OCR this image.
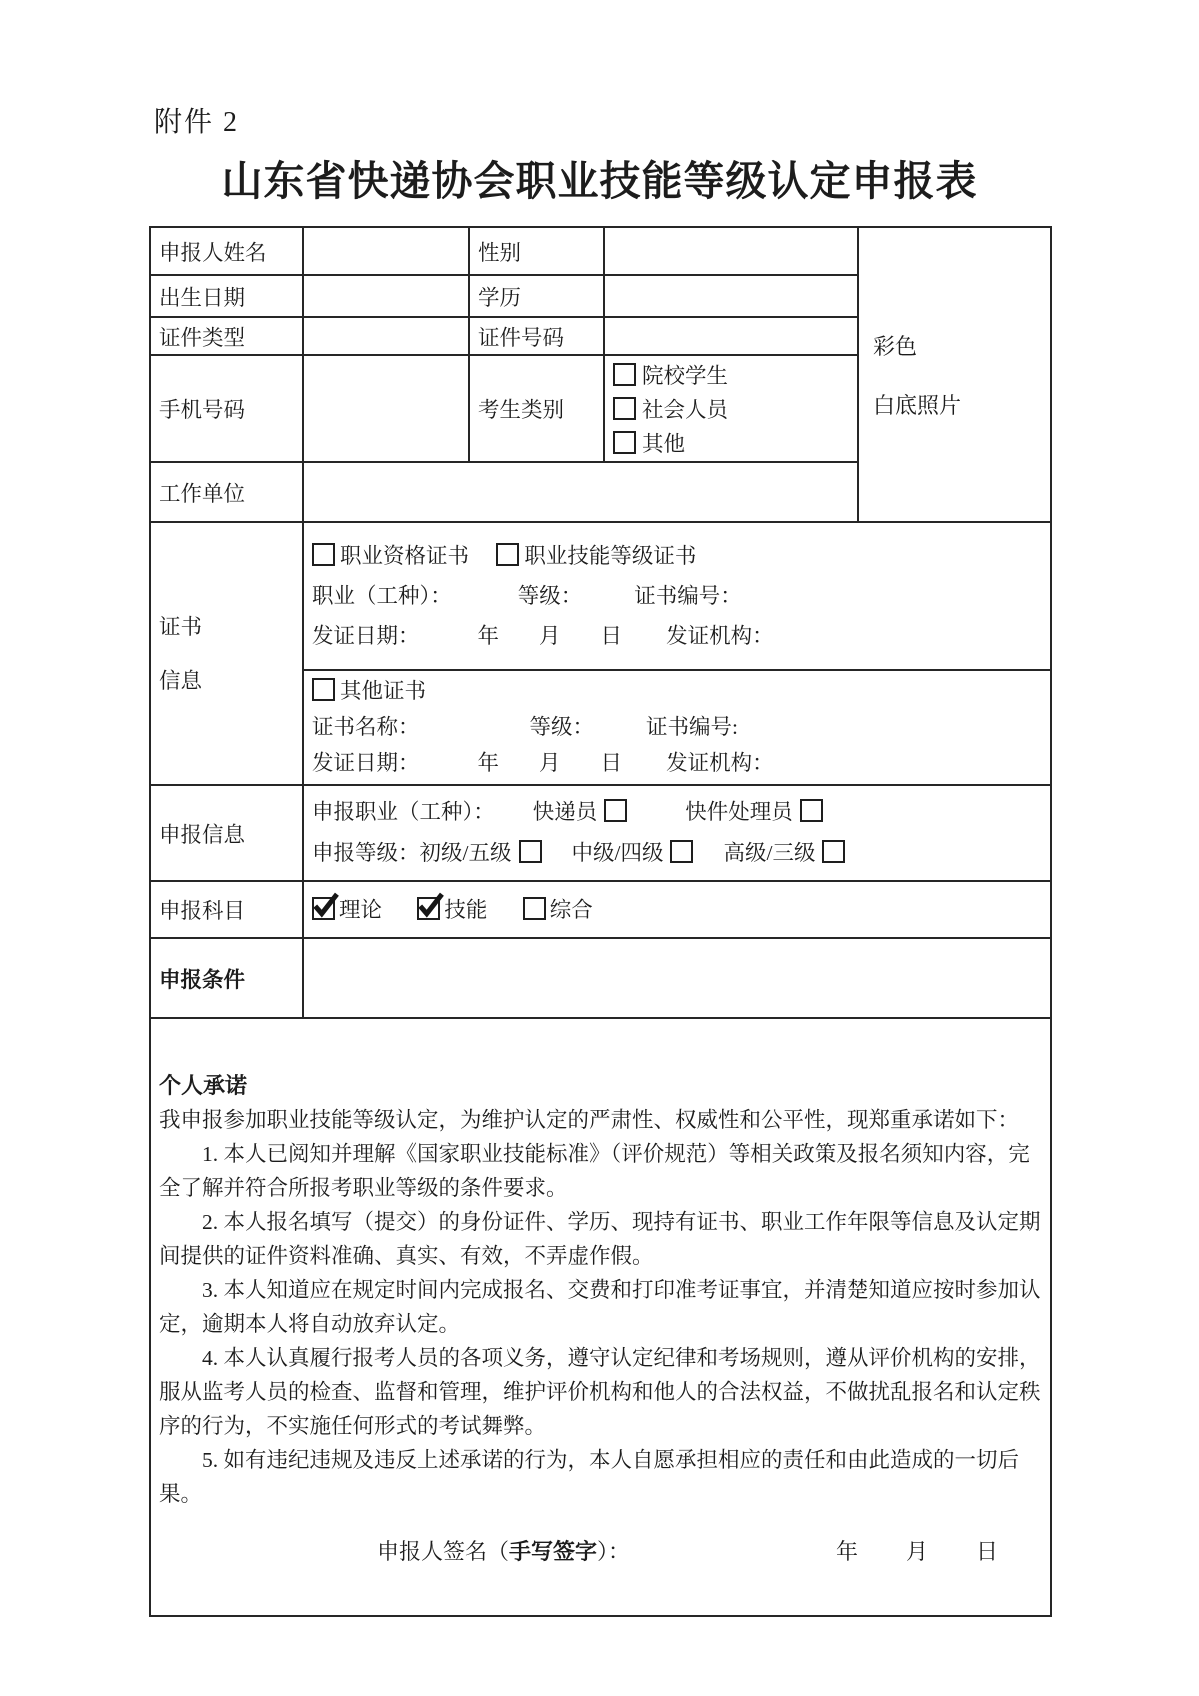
附件 2
山东省快递协会职业技能等级认定申报表
申报人姓名		性别		彩色
白底照片

出生日期		学历		
证件类型		证件号码		
手机号码		考生类别	院校学生
社会人员
其他	

工作单位				

证书
信息

职业资格证书	职业技能等级证书
职业（工种）：	等级： 证书编号：
发证日期：	年 月 日 发证机构：

	其他证书
证书名称： 等级： 证书编号:
发证日期： 年 月 日 发证机构：			

申报信息	申报职业（工种）： 快递员 快件处理员
申报等级：初级/五级 中级/四级 高级/三级			

申报科目	理论
技能
综合			

申报条件				

个人承诺

我申报参加职业技能等级认定，为维护认定的严肃性、权威性和公平性，现郑重承诺如下：

1. 本人已阅知并理解《国家职业技能标准》（评价规范）等相关政策及报名须知内容，完全了解并符合所报考职业等级的条件要求。

2. 本人报名填写（提交）的身份证件、学历、现持有证书、职业工作年限等信息及认定期间提供的证件资料准确、真实、有效，不弄虚作假。

3. 本人知道应在规定时间内完成报名、交费和打印准考证事宜，并清楚知道应按时参加认定，逾期本人将自动放弃认定。

4. 本人认真履行报考人员的各项义务，遵守认定纪律和考场规则，遵从评价机构的安排，服从监考人员的检查、监督和管理，维护评价机构和他人的合法权益，不做扰乱报名和认定秩序的行为，不实施任何形式的考试舞弊。

5. 如有违纪违规及违反上述承诺的行为，本人自愿承担相应的责任和由此造成的一切后果。

申报人签名（手写签字）：	年 月 日
